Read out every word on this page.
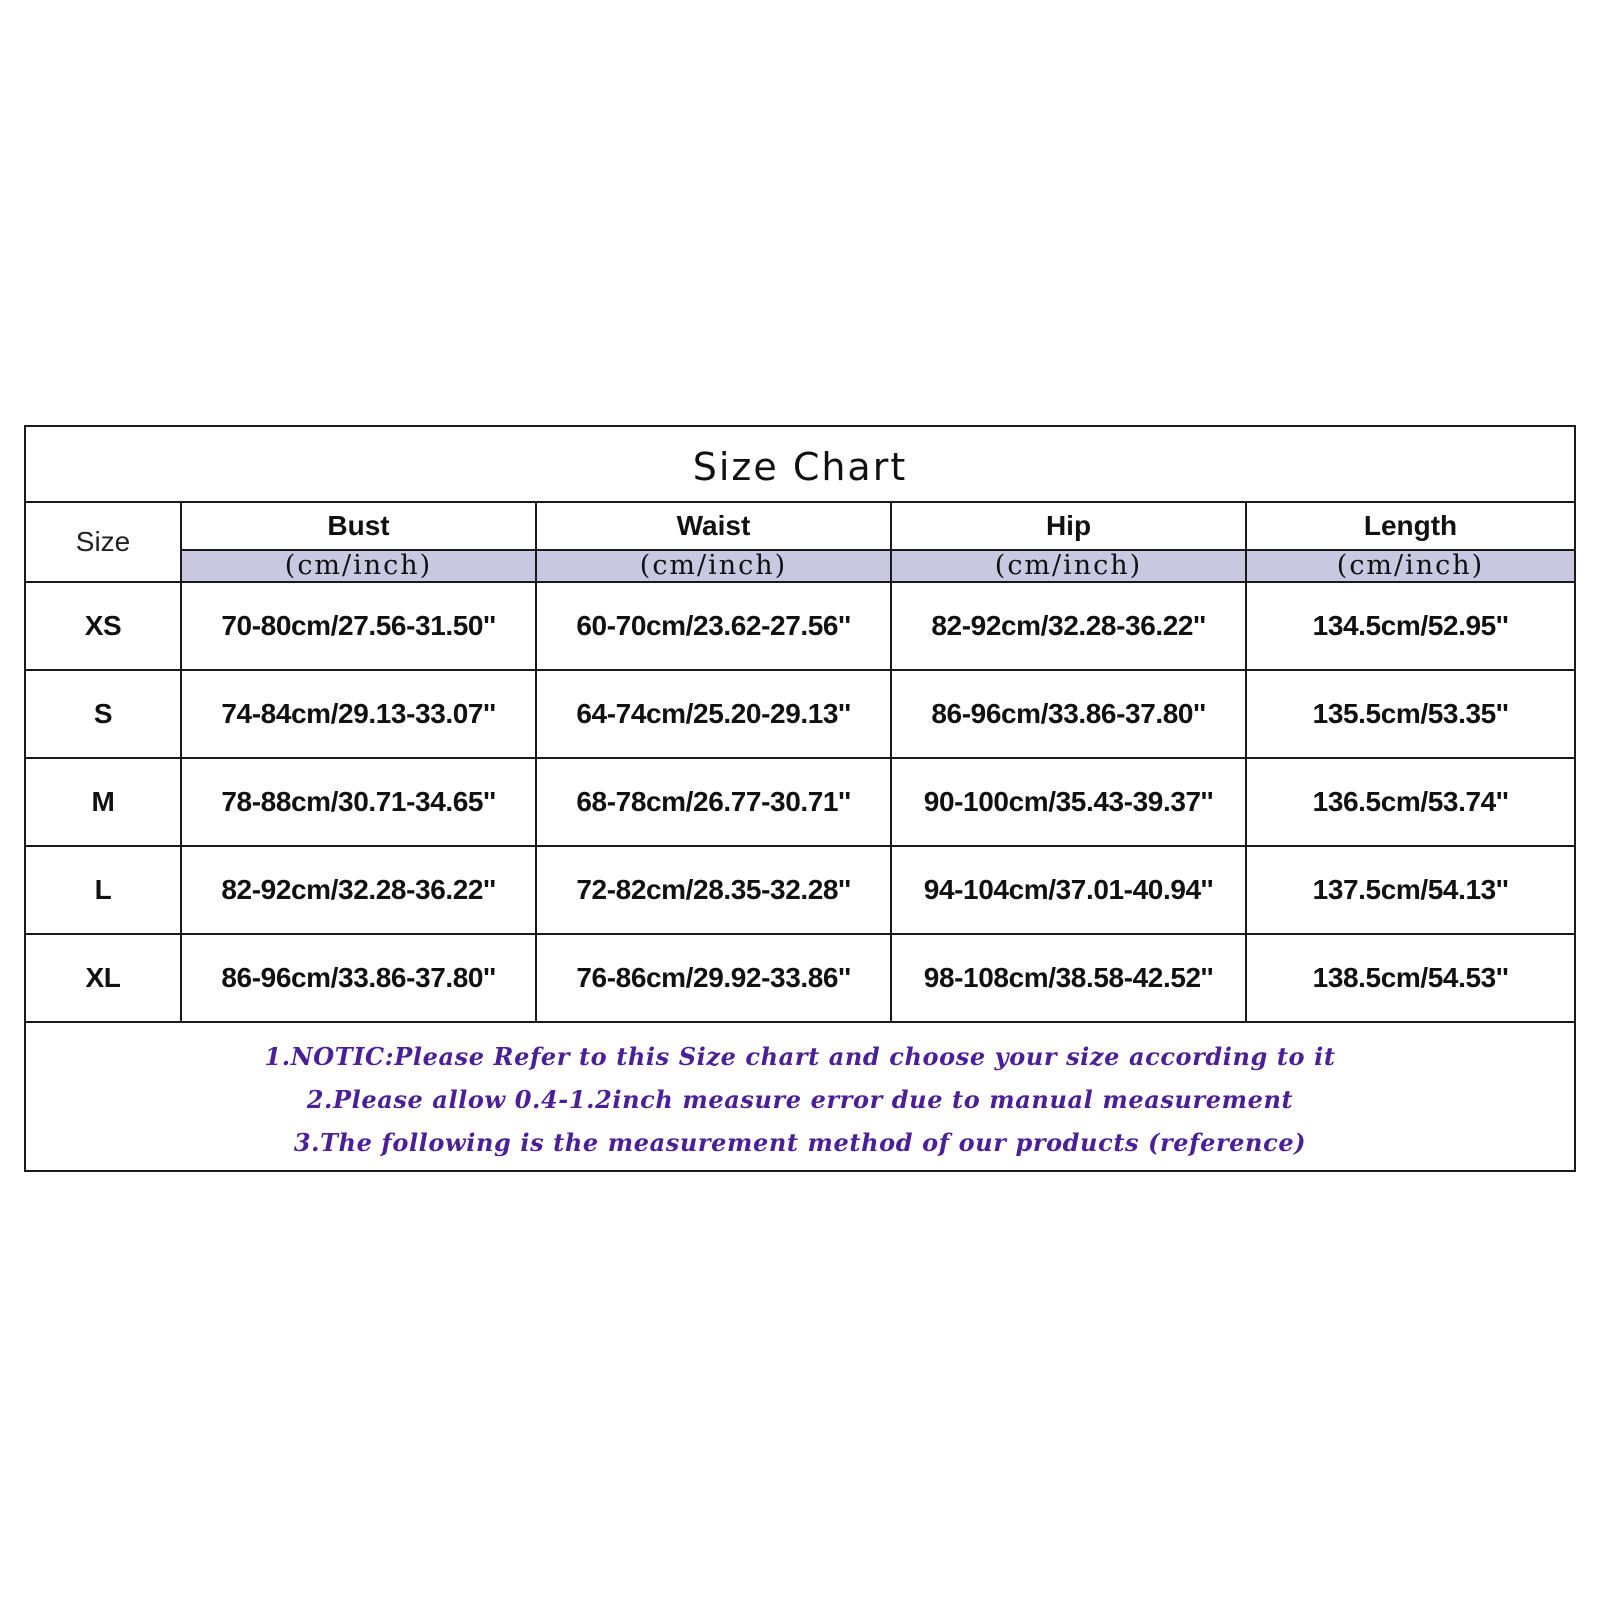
Size Chart				
Size	Bust	Waist	Hip	Length
	(cm/inch)	(cm/inch)	(cm/inch)	(cm/inch)
XS	70-80cm/27.56-31.50''	60-70cm/23.62-27.56''	82-92cm/32.28-36.22''	134.5cm/52.95''
S	74-84cm/29.13-33.07''	64-74cm/25.20-29.13''	86-96cm/33.86-37.80''	135.5cm/53.35''
M	78-88cm/30.71-34.65''	68-78cm/26.77-30.71''	90-100cm/35.43-39.37''	136.5cm/53.74''
L	82-92cm/32.28-36.22''	72-82cm/28.35-32.28''	94-104cm/37.01-40.94''	137.5cm/54.13''
XL	86-96cm/33.86-37.80''	76-86cm/29.92-33.86''	98-108cm/38.58-42.52''	138.5cm/54.53''

1.NOTIC:Please Refer to this Size chart and choose your size according to it
2.Please allow 0.4-1.2inch measure error due to manual measurement
3.The following is the measurement method of our products (reference)				
